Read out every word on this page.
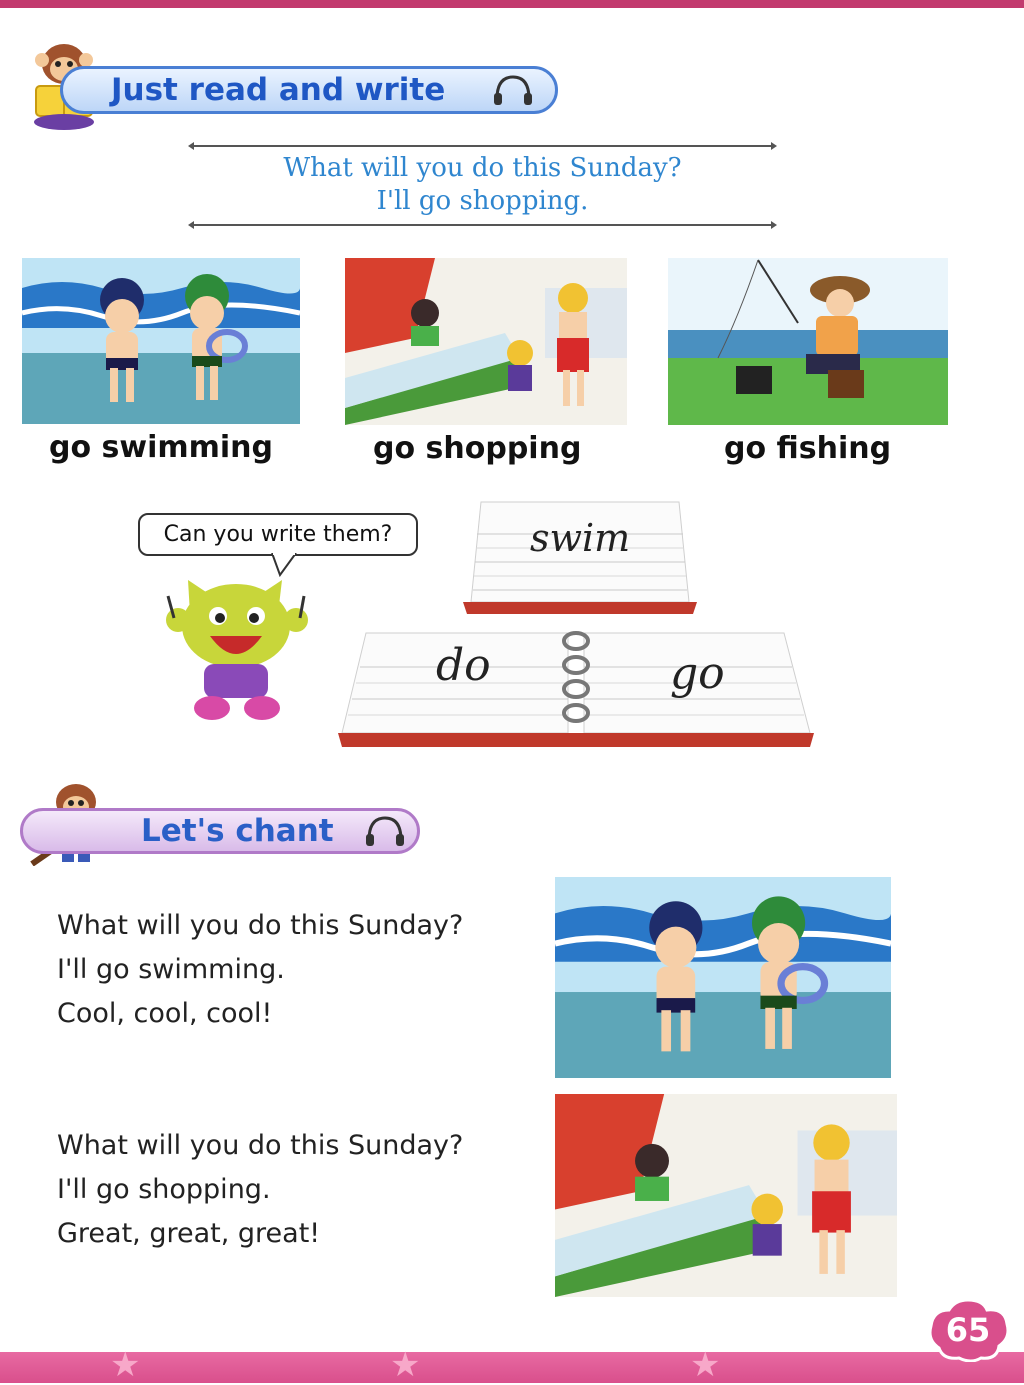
Just read and write
What will you do this Sunday?
I'll go shopping.
go swimming	go shopping	go fishing
Can you write them?	swim
do	go
Let's chant
What will you do this Sunday?
I'll go swimming.
Cool, cool, cool!
What will you do this Sunday?
I'll go shopping.
Great, great, great!
★	★	★
65
